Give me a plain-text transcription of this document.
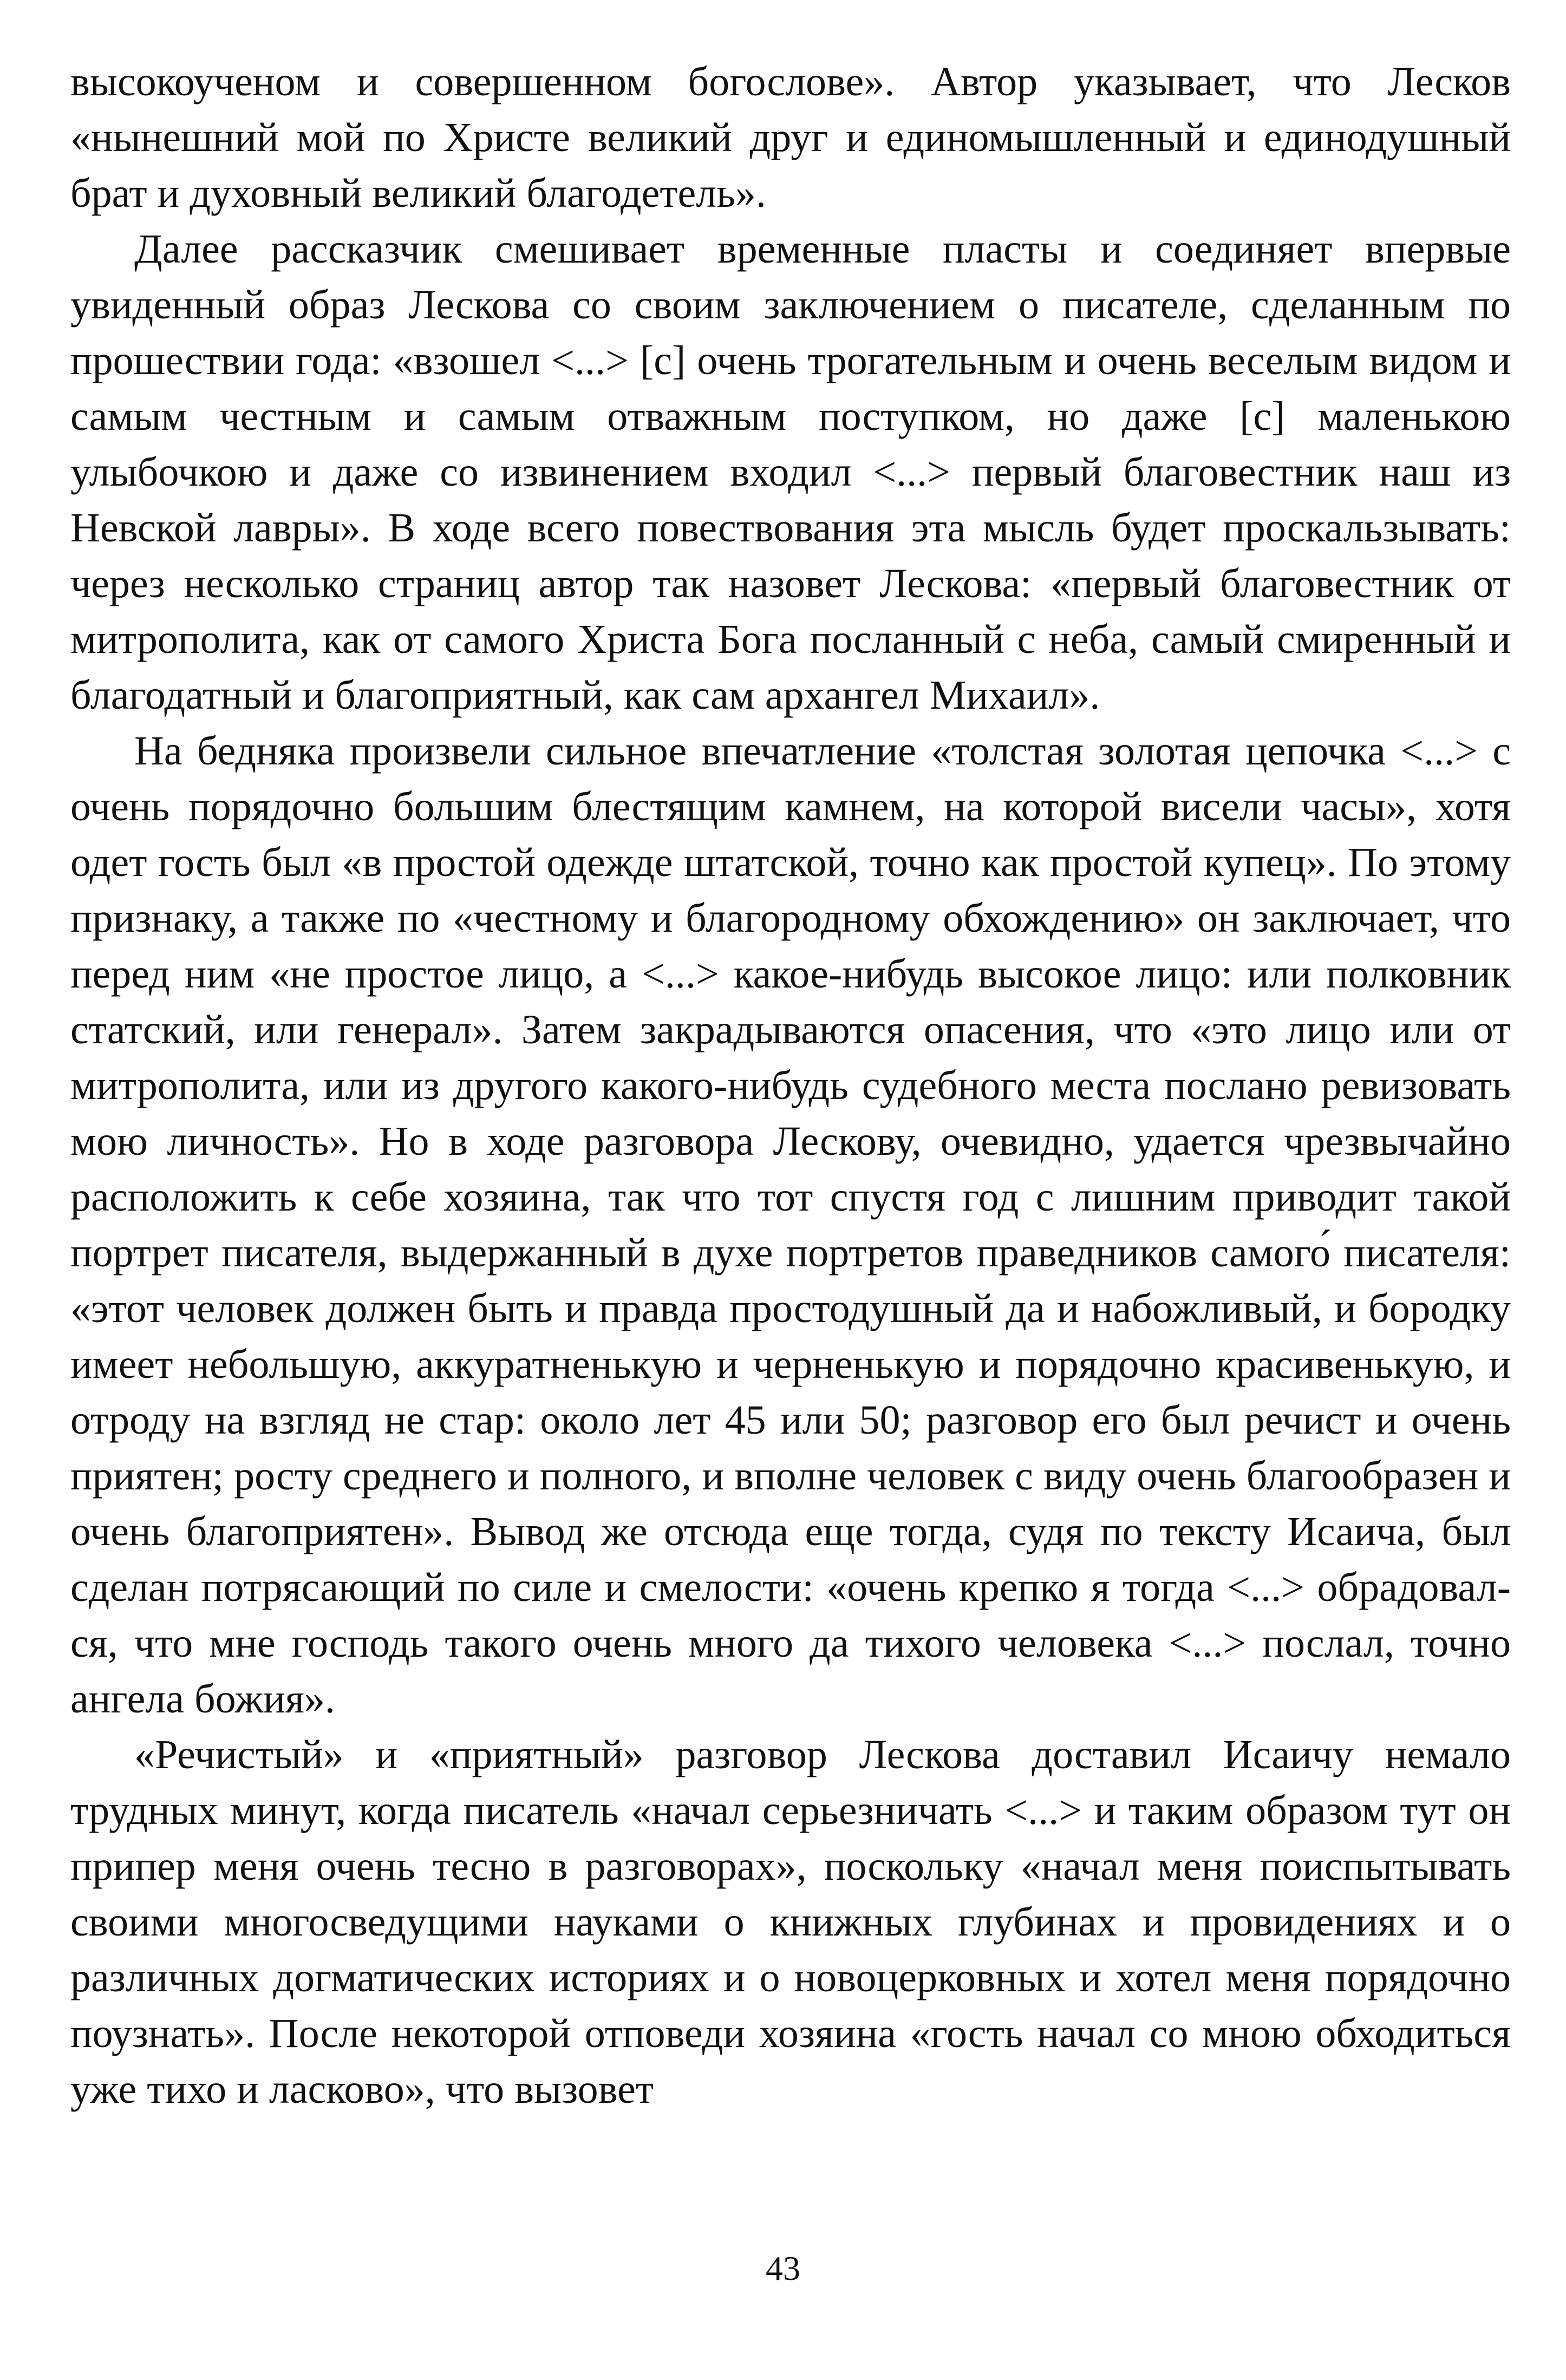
высокоученом и совершенном богослове». Автор указывает, что Лесков «нынешний мой по Христе великий друг и единомышленный и единодушный брат и духовный великий благодетель».

Далее рассказчик смешивает временные пласты и соединяет впервые увиденный образ Лескова со своим заключением о писателе, сделанным по прошествии года: «взошел <...> [с] очень трогательным и очень веселым видом и самым честным и самым отважным поступком, но даже [с] маленькою улыбочкою и даже со извинением входил <...> первый благовестник наш из Невской лавры». В ходе всего повествования эта мысль будет проскальзывать: через несколько страниц автор так назовет Лескова: «первый благовестник от митрополита, как от самого Христа Бога посланный с неба, самый смиренный и благодатный и благоприятный, как сам архангел Михаил».

На бедняка произвели сильное впечатление «толстая золотая цепочка <...> с очень порядочно большим блестящим камнем, на которой висели часы», хотя одет гость был «в простой одежде штатской, точно как простой купец». По этому признаку, а также по «честному и благородному обхождению» он заключает, что перед ним «не простое лицо, а <...> какое-нибудь высокое лицо: или полковник статский, или генерал». Затем закрадываются опасения, что «это лицо или от митрополита, или из другого какого-нибудь судебного места послано ревизовать мою личность». Но в ходе разговора Лескову, очевидно, удается чрезвычайно расположить к себе хозяина, так что тот спустя год с лишним приводит такой портрет писателя, выдержанный в духе портретов праведников самого́ писателя: «этот человек должен быть и правда простодушный да и набожливый, и бородку имеет небольшую, аккуратненькую и черненькую и порядочно красивенькую, и отроду на взгляд не стар: около лет 45 или 50; разговор его был речист и очень приятен; росту среднего и полного, и вполне человек с виду очень благообразен и очень благоприятен». Вывод же отсюда еще тогда, судя по тексту Исаича, был сделан потрясающий по силе и смелости: «очень крепко я тогда <...> обрадовался, что мне господь такого очень много да тихого человека <...> послал, точно ангела божия».

«Речистый» и «приятный» разговор Лескова доставил Исаичу немало трудных минут, когда писатель «начал серьезничать <...> и таким образом тут он припер меня очень тесно в разговорах», поскольку «начал меня поиспытывать своими многосведущими науками о книжных глубинах и провидениях и о различных догматических историях и о новоцерковных и хотел меня порядочно поузнать». После некоторой отповеди хозяина «гость начал со мною обходиться уже тихо и ласково», что вызовет

43
